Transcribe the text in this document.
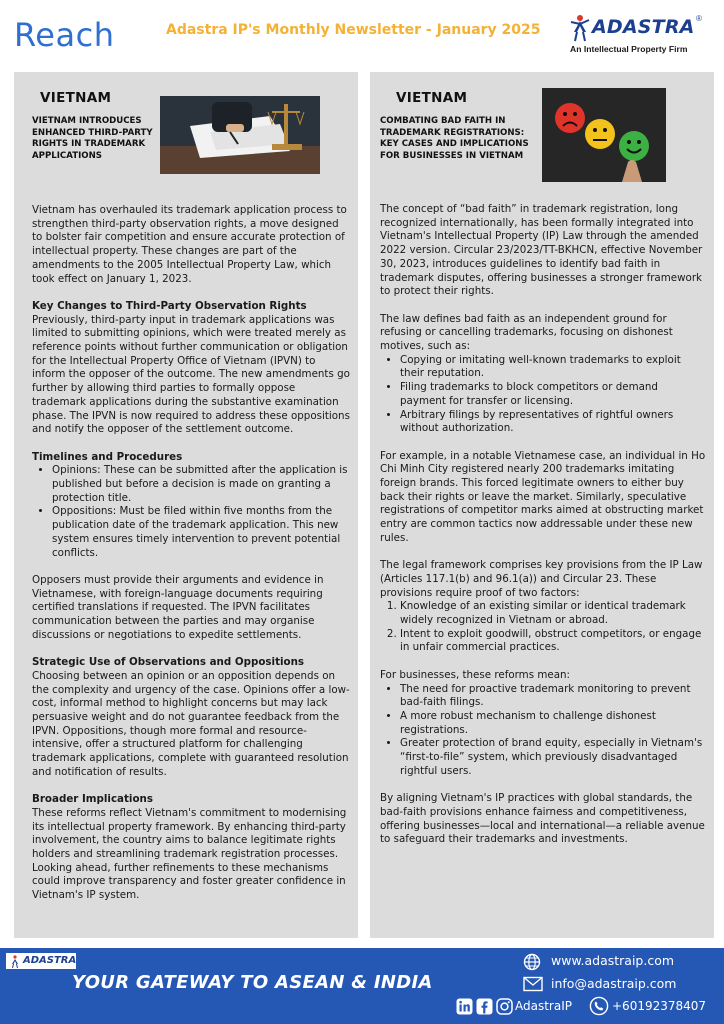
Reach	Adastra IP's Monthly Newsletter - January 2025	ADASTRA ®
An Intellectual Property Firm
VIETNAM
VIETNAM INTRODUCES ENHANCED THIRD-PARTY RIGHTS IN TRADEMARK APPLICATIONS

Vietnam has overhauled its trademark application process to strengthen third-party observation rights, a move designed to bolster fair competition and ensure accurate protection of intellectual property. These changes are part of the amendments to the 2005 Intellectual Property Law, which took effect on January 1, 2023.

Key Changes to Third-Party Observation Rights

Previously, third-party input in trademark applications was limited to submitting opinions, which were treated merely as reference points without further communication or obligation for the Intellectual Property Office of Vietnam (IPVN) to inform the opposer of the outcome. The new amendments go further by allowing third parties to formally oppose trademark applications during the substantive examination phase. The IPVN is now required to address these oppositions and notify the opposer of the settlement outcome.

Timelines and Procedures
• Opinions: These can be submitted after the application is published but before a decision is made on granting a protection title.
• Oppositions: Must be filed within five months from the publication date of the trademark application. This new system ensures timely intervention to prevent potential conflicts.

Opposers must provide their arguments and evidence in Vietnamese, with foreign-language documents requiring certified translations if requested. The IPVN facilitates communication between the parties and may organise discussions or negotiations to expedite settlements.

Strategic Use of Observations and Oppositions

Choosing between an opinion or an opposition depends on the complexity and urgency of the case. Opinions offer a low-cost, informal method to highlight concerns but may lack persuasive weight and do not guarantee feedback from the IPVN. Oppositions, though more formal and resource-intensive, offer a structured platform for challenging trademark applications, complete with guaranteed resolution and notification of results.

Broader Implications

These reforms reflect Vietnam's commitment to modernising its intellectual property framework. By enhancing third-party involvement, the country aims to balance legitimate rights holders and streamlining trademark registration processes. Looking ahead, further refinements to these mechanisms could improve transparency and foster greater confidence in Vietnam's IP system.

VIETNAM
COMBATING BAD FAITH IN TRADEMARK REGISTRATIONS: KEY CASES AND IMPLICATIONS FOR BUSINESSES IN VIETNAM

The concept of “bad faith” in trademark registration, long recognized internationally, has been formally integrated into Vietnam's Intellectual Property (IP) Law through the amended 2022 version. Circular 23/2023/TT-BKHCN, effective November 30, 2023, introduces guidelines to identify bad faith in trademark disputes, offering businesses a stronger framework to protect their rights.

The law defines bad faith as an independent ground for refusing or cancelling trademarks, focusing on dishonest motives, such as:
• Copying or imitating well-known trademarks to exploit their reputation.
• Filing trademarks to block competitors or demand payment for transfer or licensing.
• Arbitrary filings by representatives of rightful owners without authorization.

For example, in a notable Vietnamese case, an individual in Ho Chi Minh City registered nearly 200 trademarks imitating foreign brands. This forced legitimate owners to either buy back their rights or leave the market. Similarly, speculative registrations of competitor marks aimed at obstructing market entry are common tactics now addressable under these new rules.

The legal framework comprises key provisions from the IP Law (Articles 117.1(b) and 96.1(a)) and Circular 23. These provisions require proof of two factors:
1. Knowledge of an existing similar or identical trademark widely recognized in Vietnam or abroad.
2. Intent to exploit goodwill, obstruct competitors, or engage in unfair commercial practices.
For businesses, these reforms mean:
• The need for proactive trademark monitoring to prevent bad-faith filings.
• A more robust mechanism to challenge dishonest registrations.
• Greater protection of brand equity, especially in Vietnam's “first-to-file” system, which previously disadvantaged rightful users.

By aligning Vietnam's IP practices with global standards, the bad-faith provisions enhance fairness and competitiveness, offering businesses—local and international—a reliable avenue to safeguard their trademarks and investments.

ADASTRA
YOUR GATEWAY TO ASEAN & INDIA
www.adastraip.com
info@adastraip.com
AdastraIP	+60192378407
